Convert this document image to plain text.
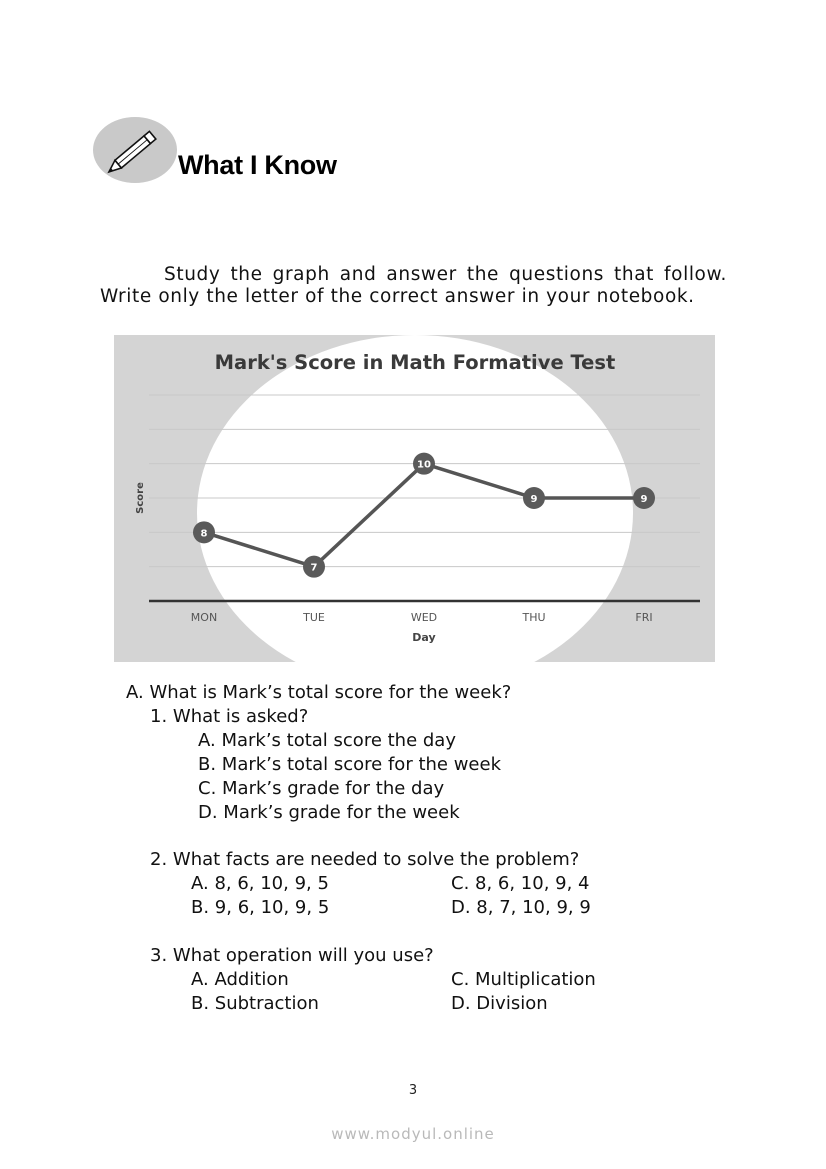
What I Know
Study the graph and answer the questions that follow. Write only the letter of the correct answer in your notebook.
Mark's Score in Math Formative Test
Score
Day
MON	TUE	WED	THU	FRI
8
7
10
9	9
A. What is Mark’s total score for the week?
1. What is asked?
A. Mark’s total score the day
B. Mark’s total score for the week
C. Mark’s grade for the day
D. Mark’s grade for the week
2. What facts are needed to solve the problem?
A. 8, 6, 10, 9, 5	C. 8, 6, 10, 9, 4
B. 9, 6, 10, 9, 5	D. 8, 7, 10, 9, 9
3. What operation will you use?
A. Addition	C. Multiplication
B. Subtraction	D. Division
3
www.modyul.online
